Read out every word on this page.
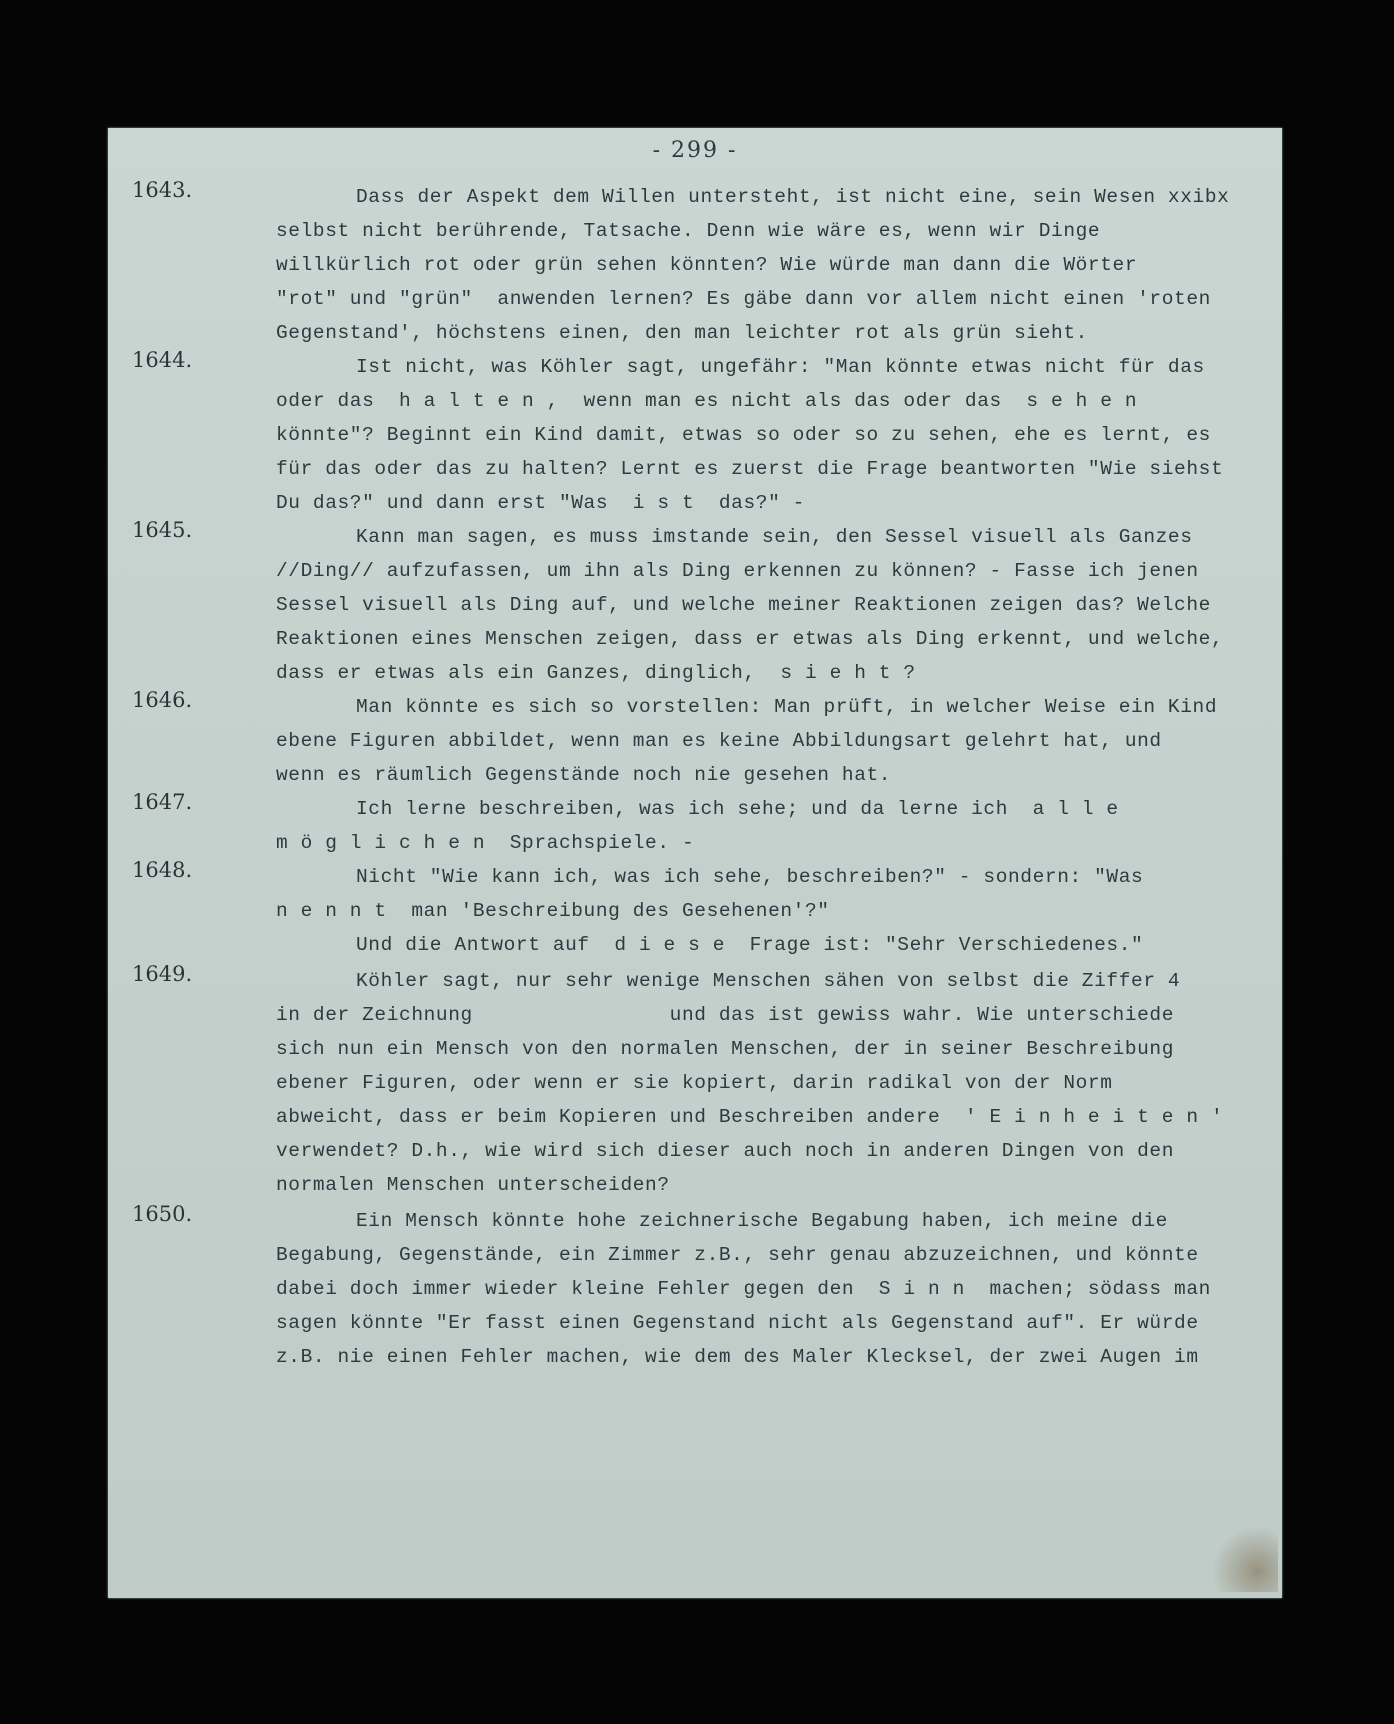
- 299 -
1643.	Dass der Aspekt dem Willen untersteht, ist nicht eine, sein Wesen xxibx
selbst nicht berührende, Tatsache. Denn wie wäre es, wenn wir Dinge
willkürlich rot oder grün sehen könnten? Wie würde man dann die Wörter
"rot" und "grün"  anwenden lernen? Es gäbe dann vor allem nicht einen 'roten
Gegenstand', höchstens einen, den man leichter rot als grün sieht.
1644.	Ist nicht, was Köhler sagt, ungefähr: "Man könnte etwas nicht für das
oder das  h a l t e n ,  wenn man es nicht als das oder das  s e h e n
könnte"? Beginnt ein Kind damit, etwas so oder so zu sehen, ehe es lernt, es
für das oder das zu halten? Lernt es zuerst die Frage beantworten "Wie siehst
Du das?" und dann erst "Was  i s t  das?" -
1645.	Kann man sagen, es muss imstande sein, den Sessel visuell als Ganzes
//Ding// aufzufassen, um ihn als Ding erkennen zu können? - Fasse ich jenen
Sessel visuell als Ding auf, und welche meiner Reaktionen zeigen das? Welche
Reaktionen eines Menschen zeigen, dass er etwas als Ding erkennt, und welche,
dass er etwas als ein Ganzes, dinglich,  s i e h t ?
1646.	Man könnte es sich so vorstellen: Man prüft, in welcher Weise ein Kind
ebene Figuren abbildet, wenn man es keine Abbildungsart gelehrt hat, und
wenn es räumlich Gegenstände noch nie gesehen hat.
1647.	Ich lerne beschreiben, was ich sehe; und da lerne ich  a l l e
m ö g l i c h e n  Sprachspiele. -
1648.	Nicht "Wie kann ich, was ich sehe, beschreiben?" - sondern: "Was
n e n n t  man 'Beschreibung des Gesehenen'?"
Und die Antwort auf  d i e s e  Frage ist: "Sehr Verschiedenes."
1649.	Köhler sagt, nur sehr wenige Menschen sähen von selbst die Ziffer 4
in der Zeichnung                und das ist gewiss wahr. Wie unterschiede
sich nun ein Mensch von den normalen Menschen, der in seiner Beschreibung
ebener Figuren, oder wenn er sie kopiert, darin radikal von der Norm
abweicht, dass er beim Kopieren und Beschreiben andere  ' E i n h e i t e n '
verwendet? D.h., wie wird sich dieser auch noch in anderen Dingen von den
normalen Menschen unterscheiden?
1650.	Ein Mensch könnte hohe zeichnerische Begabung haben, ich meine die
Begabung, Gegenstände, ein Zimmer z.B., sehr genau abzuzeichnen, und könnte
dabei doch immer wieder kleine Fehler gegen den  S i n n  machen; södass man
sagen könnte "Er fasst einen Gegenstand nicht als Gegenstand auf". Er würde
z.B. nie einen Fehler machen, wie dem des Maler Klecksel, der zwei Augen im
